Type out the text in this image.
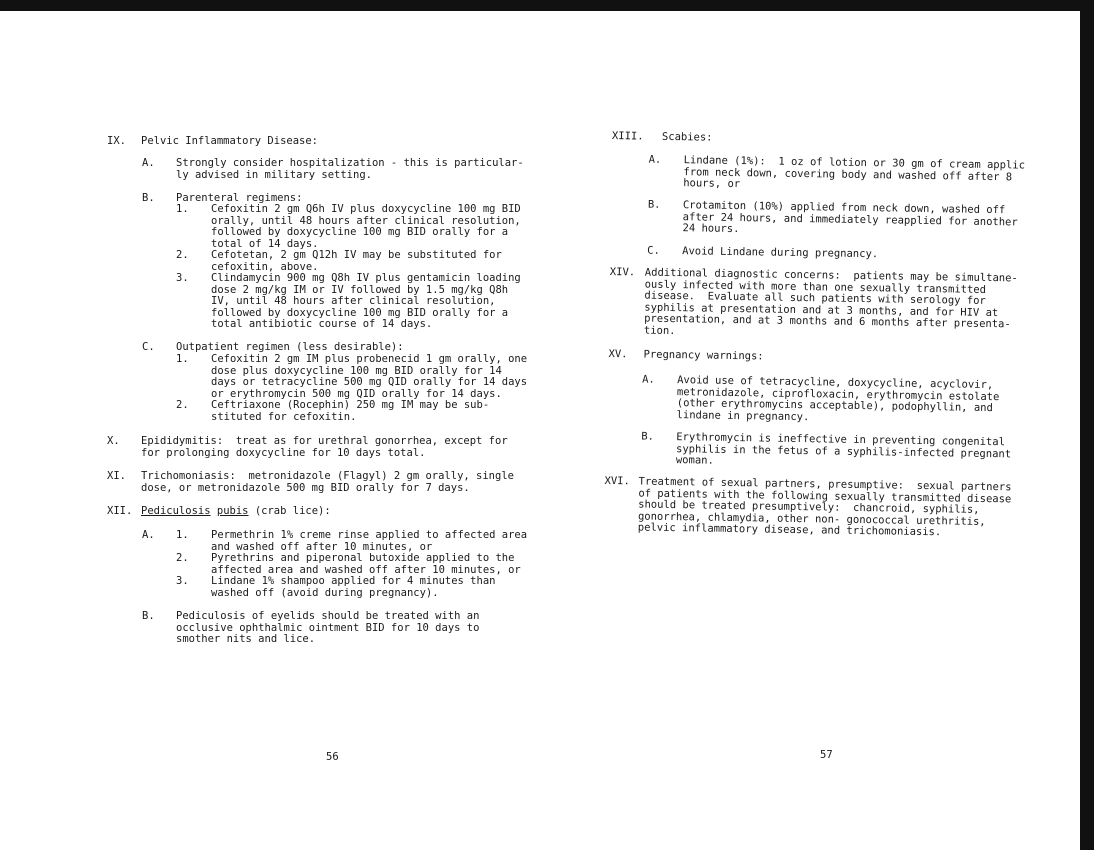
IX. Pelvic Inflammatory Disease:
A. Strongly consider hospitalization - this is particular-
ly advised in military setting.
B. Parenteral regimens:
1. Cefoxitin 2 gm Q6h IV plus doxycycline 100 mg BID
orally, until 48 hours after clinical resolution,
followed by doxycycline 100 mg BID orally for a
total of 14 days.
2. Cefotetan, 2 gm Q12h IV may be substituted for
cefoxitin, above.
3. Clindamycin 900 mg Q8h IV plus gentamicin loading
dose 2 mg/kg IM or IV followed by 1.5 mg/kg Q8h
IV, until 48 hours after clinical resolution,
followed by doxycycline 100 mg BID orally for a
total antibiotic course of 14 days.
C. Outpatient regimen (less desirable):
1. Cefoxitin 2 gm IM plus probenecid 1 gm orally, one
dose plus doxycycline 100 mg BID orally for 14
days or tetracycline 500 mg QID orally for 14 days
or erythromycin 500 mg QID orally for 14 days.
2. Ceftriaxone (Rocephin) 250 mg IM may be sub-
stituted for cefoxitin.
X. Epididymitis:  treat as for urethral gonorrhea, except for
for prolonging doxycycline for 10 days total.
XI. Trichomoniasis:  metronidazole (Flagyl) 2 gm orally, single
dose, or metronidazole 500 mg BID orally for 7 days.
XII. Pediculosis pubis (crab lice):
A. 1. Permethrin 1% creme rinse applied to affected area
and washed off after 10 minutes, or
2. Pyrethrins and piperonal butoxide applied to the
affected area and washed off after 10 minutes, or
3. Lindane 1% shampoo applied for 4 minutes than
washed off (avoid during pregnancy).
B. Pediculosis of eyelids should be treated with an
occlusive ophthalmic ointment BID for 10 days to
smother nits and lice.
56
XIII. Scabies:
A. Lindane (1%):  1 oz of lotion or 30 gm of cream applic
from neck down, covering body and washed off after 8
hours, or
B. Crotamiton (10%) applied from neck down, washed off
after 24 hours, and immediately reapplied for another
24 hours.
C. Avoid Lindane during pregnancy.
XIV. Additional diagnostic concerns:  patients may be simultane-
ously infected with more than one sexually transmitted
disease.  Evaluate all such patients with serology for
syphilis at presentation and at 3 months, and for HIV at
presentation, and at 3 months and 6 months after presenta-
tion.
XV. Pregnancy warnings:
A. Avoid use of tetracycline, doxycycline, acyclovir,
metronidazole, ciprofloxacin, erythromycin estolate
(other erythromycins acceptable), podophyllin, and
lindane in pregnancy.
B. Erythromycin is ineffective in preventing congenital
syphilis in the fetus of a syphilis-infected pregnant
woman.
XVI. Treatment of sexual partners, presumptive:  sexual partners
of patients with the following sexually transmitted disease
should be treated presumptively:  chancroid, syphilis,
gonorrhea, chlamydia, other non- gonococcal urethritis,
pelvic inflammatory disease, and trichomoniasis.
57
